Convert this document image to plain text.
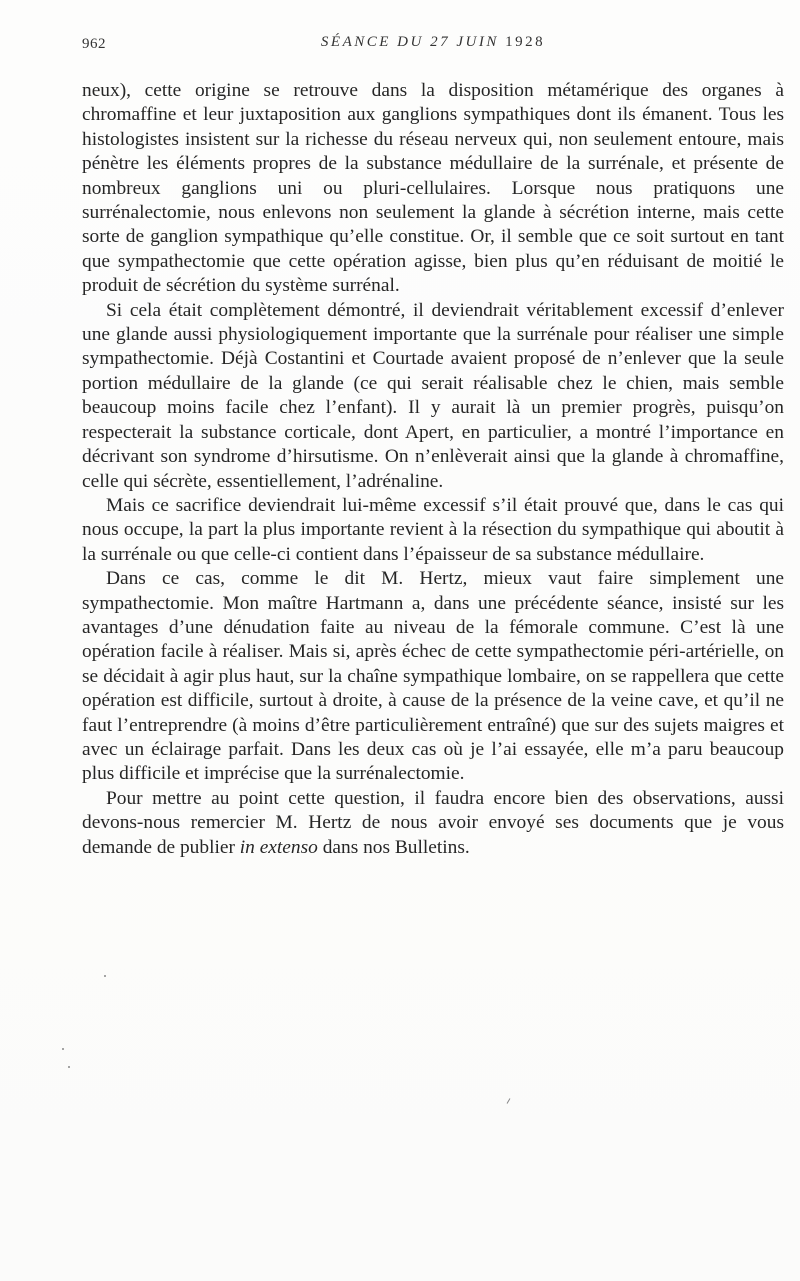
962	SÉANCE DU 27 JUIN 1928

neux), cette origine se retrouve dans la disposition métamérique des organes à chromaffine et leur juxtaposition aux ganglions sympathiques dont ils émanent. Tous les histologistes insistent sur la richesse du réseau nerveux qui, non seulement entoure, mais pénètre les éléments propres de la substance médullaire de la surrénale, et présente de nombreux ganglions uni ou pluri-cellulaires. Lorsque nous pratiquons une surrénalectomie, nous enlevons non seulement la glande à sécrétion interne, mais cette sorte de ganglion sympathique qu’elle constitue. Or, il semble que ce soit surtout en tant que sympathectomie que cette opération agisse, bien plus qu’en réduisant de moitié le produit de sécrétion du système surrénal.

Si cela était complètement démontré, il deviendrait véritablement excessif d’enlever une glande aussi physiologiquement importante que la surrénale pour réaliser une simple sympathectomie. Déjà Costantini et Courtade avaient proposé de n’enlever que la seule portion médullaire de la glande (ce qui serait réalisable chez le chien, mais semble beaucoup moins facile chez l’enfant). Il y aurait là un premier progrès, puisqu’on respecterait la substance corticale, dont Apert, en particulier, a montré l’importance en décrivant son syndrome d’hirsutisme. On n’enlèverait ainsi que la glande à chromaffine, celle qui sécrète, essentiellement, l’adrénaline.

Mais ce sacrifice deviendrait lui-même excessif s’il était prouvé que, dans le cas qui nous occupe, la part la plus importante revient à la résection du sympathique qui aboutit à la surrénale ou que celle-ci contient dans l’épaisseur de sa substance médullaire.

Dans ce cas, comme le dit M. Hertz, mieux vaut faire simplement une sympathectomie. Mon maître Hartmann a, dans une précédente séance, insisté sur les avantages d’une dénudation faite au niveau de la fémorale commune. C’est là une opération facile à réaliser. Mais si, après échec de cette sympathectomie péri-artérielle, on se décidait à agir plus haut, sur la chaîne sympathique lombaire, on se rappellera que cette opération est difficile, surtout à droite, à cause de la présence de la veine cave, et qu’il ne faut l’entreprendre (à moins d’être particulièrement entraîné) que sur des sujets maigres et avec un éclairage parfait. Dans les deux cas où je l’ai essayée, elle m’a paru beaucoup plus difficile et imprécise que la surrénalectomie.

Pour mettre au point cette question, il faudra encore bien des observations, aussi devons-nous remercier M. Hertz de nous avoir envoyé ses documents que je vous demande de publier in extenso dans nos Bulletins.
